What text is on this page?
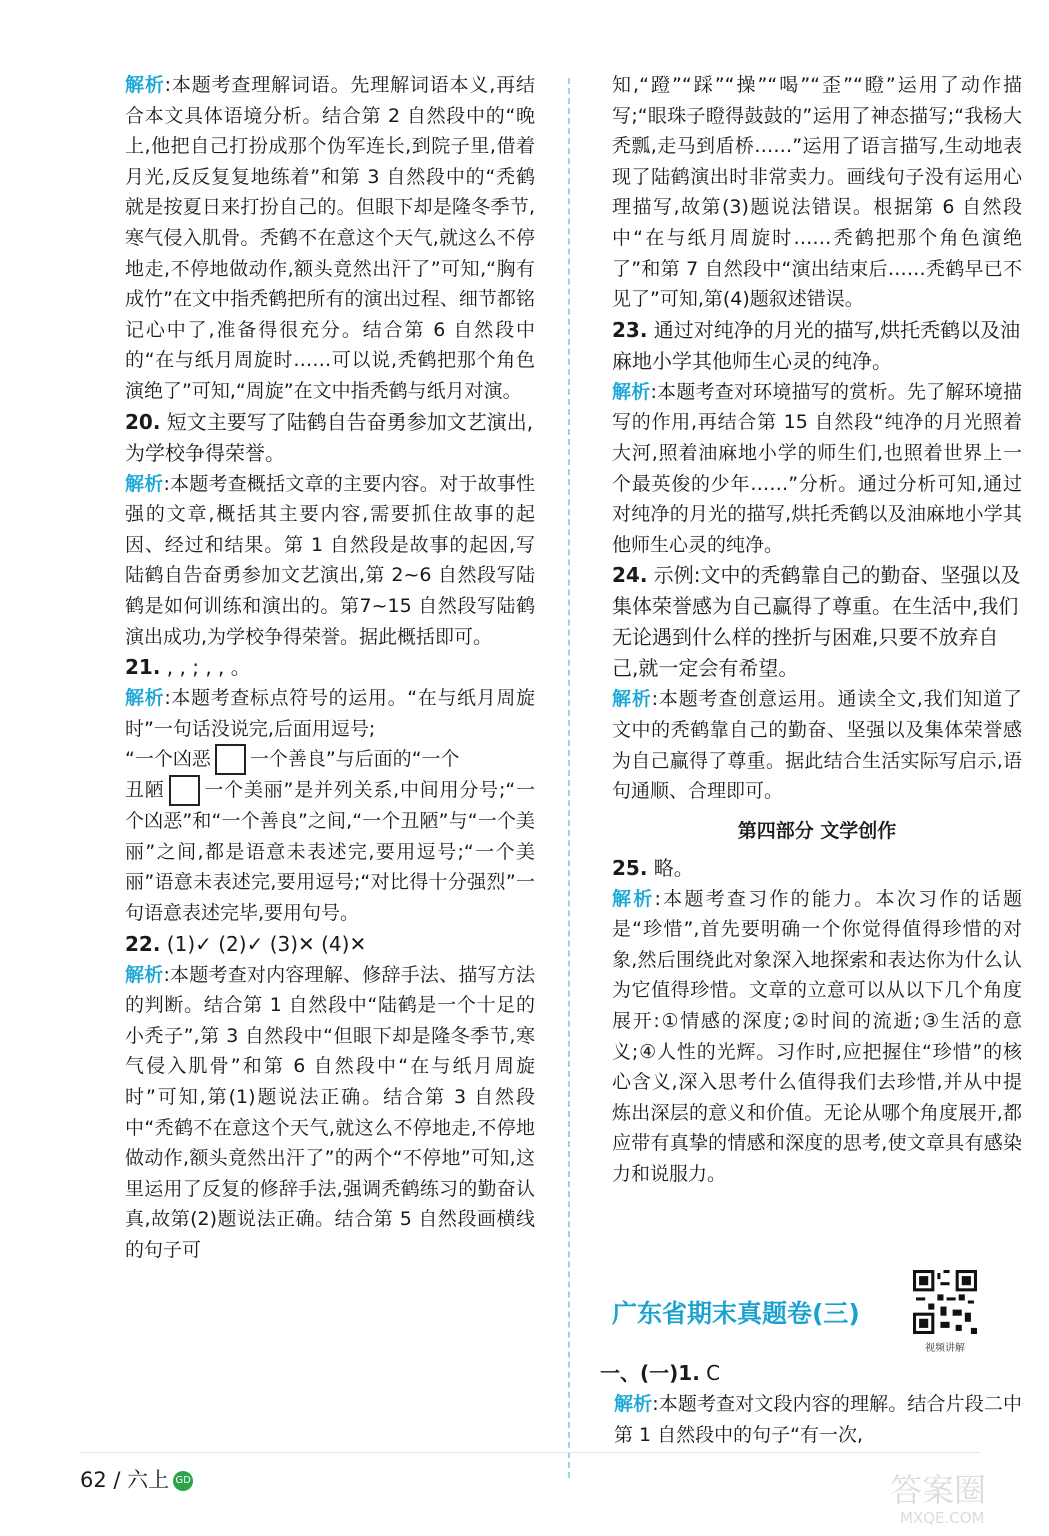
解析:本题考查理解词语。先理解词语本义,再结合本文具体语境分析。结合第 2 自然段中的“晚上,他把自己打扮成那个伪军连长,到院子里,借着月光,反反复复地练着”和第 3 自然段中的“秃鹤就是按夏日来打扮自己的。但眼下却是隆冬季节,寒气侵入肌骨。秃鹤不在意这个天气,就这么不停地走,不停地做动作,额头竟然出汗了”可知,“胸有成竹”在文中指秃鹤把所有的演出过程、细节都铭记心中了,准备得很充分。结合第 6 自然段中的“在与纸月周旋时……可以说,秃鹤把那个角色演绝了”可知,“周旋”在文中指秃鹤与纸月对演。

20. 短文主要写了陆鹤自告奋勇参加文艺演出,为学校争得荣誉。

解析:本题考查概括文章的主要内容。对于故事性强的文章,概括其主要内容,需要抓住故事的起因、经过和结果。第 1 自然段是故事的起因,写陆鹤自告奋勇参加文艺演出,第 2~6 自然段写陆鹤是如何训练和演出的。第7~15 自然段写陆鹤演出成功,为学校争得荣誉。据此概括即可。

21. , , ; , , 。

解析:本题考查标点符号的运用。“在与纸月周旋时”一句话没说完,后面用逗号;
“一个凶恶 一个善良”与后面的“一个
丑陋 一个美丽”是并列关系,中间用分号;“一个凶恶”和“一个善良”之间,“一个丑陋”与“一个美丽”之间,都是语意未表述完,要用逗号;“一个美丽”语意未表述完,要用逗号;“对比得十分强烈”一句语意表述完毕,要用句号。

22. (1)✓ (2)✓ (3)✕ (4)✕

解析:本题考查对内容理解、修辞手法、描写方法的判断。结合第 1 自然段中“陆鹤是一个十足的小秃子”,第 3 自然段中“但眼下却是隆冬季节,寒气侵入肌骨”和第 6 自然段中“在与纸月周旋时”可知,第(1)题说法正确。结合第 3 自然段中“秃鹤不在意这个天气,就这么不停地走,不停地做动作,额头竟然出汗了”的两个“不停地”可知,这里运用了反复的修辞手法,强调秃鹤练习的勤奋认真,故第(2)题说法正确。结合第 5 自然段画横线的句子可

知,“蹬”“踩”“操”“喝”“歪”“瞪”运用了动作描写;“眼珠子瞪得鼓鼓的”运用了神态描写;“我杨大秃瓢,走马到盾桥……”运用了语言描写,生动地表现了陆鹤演出时非常卖力。画线句子没有运用心理描写,故第(3)题说法错误。根据第 6 自然段中“在与纸月周旋时……秃鹤把那个角色演绝了”和第 7 自然段中“演出结束后……秃鹤早已不见了”可知,第(4)题叙述错误。

23. 通过对纯净的月光的描写,烘托秃鹤以及油麻地小学其他师生心灵的纯净。

解析:本题考查对环境描写的赏析。先了解环境描写的作用,再结合第 15 自然段“纯净的月光照着大河,照着油麻地小学的师生们,也照着世界上一个最英俊的少年……”分析。通过分析可知,通过对纯净的月光的描写,烘托秃鹤以及油麻地小学其他师生心灵的纯净。

24. 示例:文中的秃鹤靠自己的勤奋、坚强以及集体荣誉感为自己赢得了尊重。在生活中,我们无论遇到什么样的挫折与困难,只要不放弃自己,就一定会有希望。

解析:本题考查创意运用。通读全文,我们知道了文中的秃鹤靠自己的勤奋、坚强以及集体荣誉感为自己赢得了尊重。据此结合生活实际写启示,语句通顺、合理即可。

第四部分 文学创作

25. 略。

解析:本题考查习作的能力。本次习作的话题是“珍惜”,首先要明确一个你觉得值得珍惜的对象,然后围绕此对象深入地探索和表达你为什么认为它值得珍惜。文章的立意可以从以下几个角度展开:①情感的深度;②时间的流逝;③生活的意义;④人性的光辉。习作时,应把握住“珍惜”的核心含义,深入思考什么值得我们去珍惜,并从中提炼出深层的意义和价值。无论从哪个角度展开,都应带有真挚的情感和深度的思考,使文章具有感染力和说服力。

广东省期末真题卷(三)
视频讲解

一、(一)1. C

解析:本题考查对文段内容的理解。结合片段二中第 1 自然段中的句子“有一次,

62 / 六上 GD	答案圈
MXQE.COM
